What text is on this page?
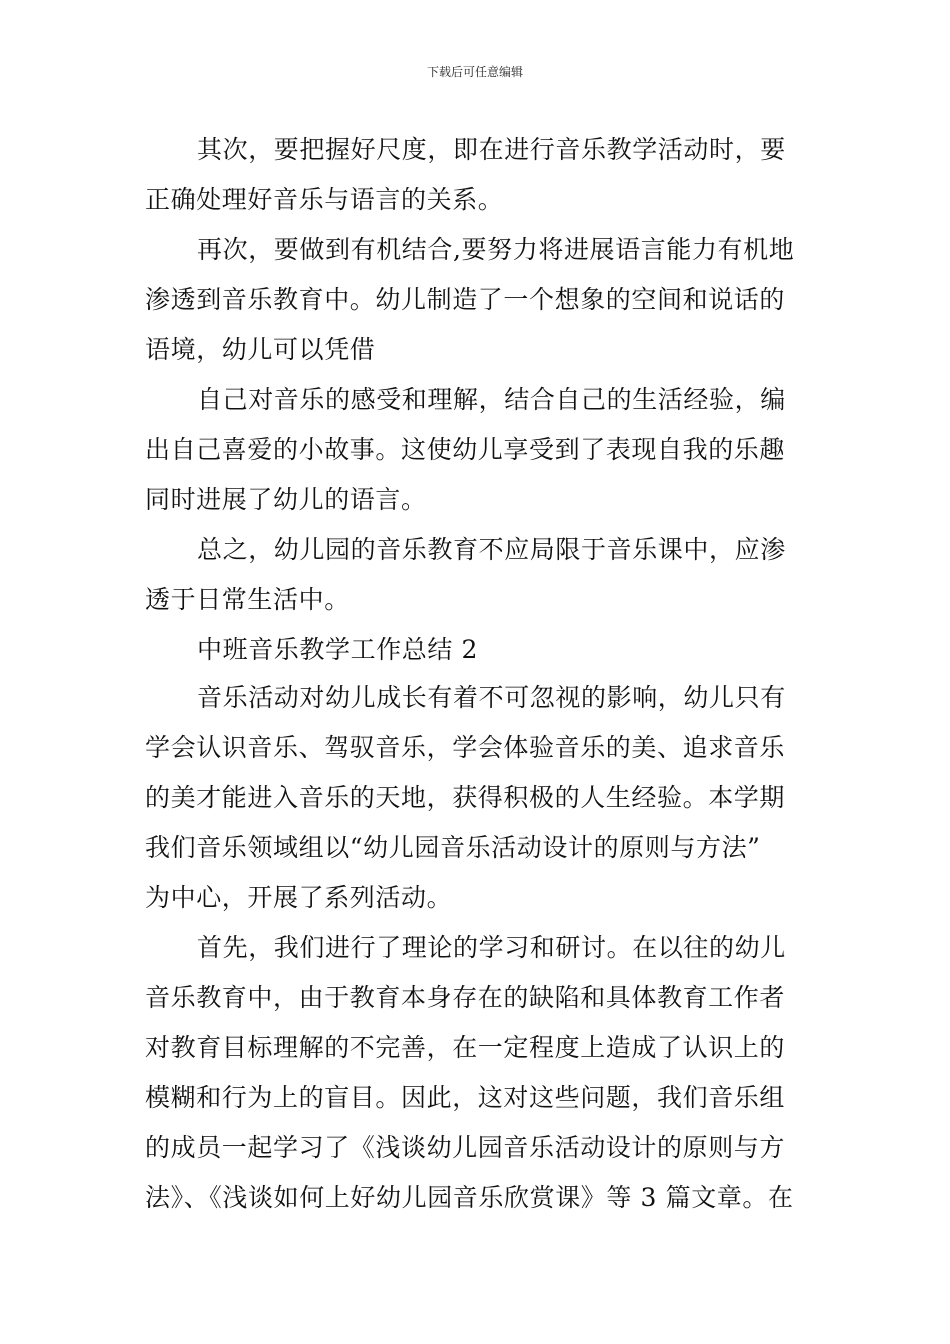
下载后可任意编辑
其次，要把握好尺度，即在进行音乐教学活动时，要
正确处理好音乐与语言的关系。
再次，要做到有机结合,要努力将进展语言能力有机地
渗透到音乐教育中。幼儿制造了一个想象的空间和说话的
语境，幼儿可以凭借
自己对音乐的感受和理解，结合自己的生活经验，编
出自己喜爱的小故事。这使幼儿享受到了表现自我的乐趣
同时进展了幼儿的语言。
总之，幼儿园的音乐教育不应局限于音乐课中，应渗
透于日常生活中。
中班音乐教学工作总结 2
音乐活动对幼儿成长有着不可忽视的影响，幼儿只有
学会认识音乐、驾驭音乐，学会体验音乐的美、追求音乐
的美才能进入音乐的天地，获得积极的人生经验。本学期
我们音乐领域组以“幼儿园音乐活动设计的原则与方法”
为中心，开展了系列活动。
首先，我们进行了理论的学习和研讨。在以往的幼儿
音乐教育中，由于教育本身存在的缺陷和具体教育工作者
对教育目标理解的不完善，在一定程度上造成了认识上的
模糊和行为上的盲目。因此，这对这些问题，我们音乐组
的成员一起学习了《浅谈幼儿园音乐活动设计的原则与方
法》、《浅谈如何上好幼儿园音乐欣赏课》等 3 篇文章。在
